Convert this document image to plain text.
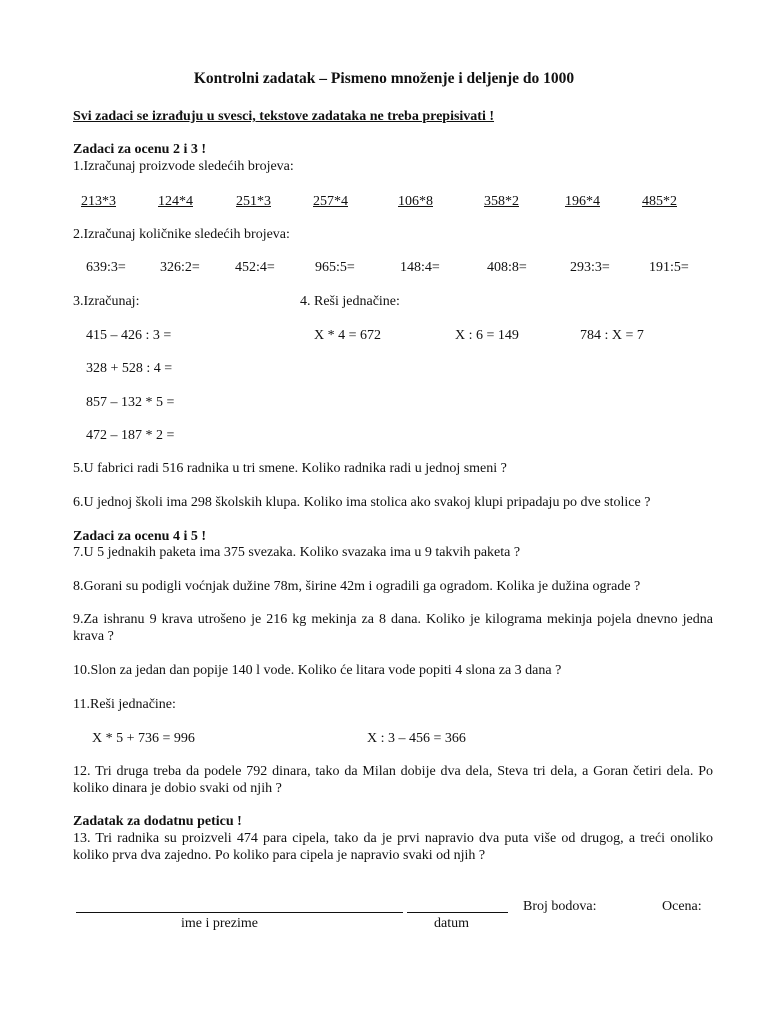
Kontrolni zadatak – Pismeno množenje i deljenje do 1000
Svi zadaci se izrađuju u svesci, tekstove zadataka ne treba prepisivati !
Zadaci za ocenu 2 i 3 !
1.Izračunaj proizvode sledećih brojeva:
213*3	124*4	251*3	257*4	106*8	358*2	196*4	485*2
2.Izračunaj količnike sledećih brojeva:
639:3= 326:2=	452:4=	965:5=	148:4=	408:8=	293:3=	191:5=
3.Izračunaj:	4. Reši jednačine:
415 – 426 : 3 =	X * 4 = 672	X : 6 = 149	784 : X = 7
328 + 528 : 4 =
857 – 132 * 5 =
472 – 187 * 2 =
5.U fabrici radi 516 radnika u tri smene. Koliko radnika radi u jednoj smeni ?
6.U jednoj školi ima 298 školskih klupa. Koliko ima stolica ako svakoj klupi pripadaju po dve stolice ?
Zadaci za ocenu 4 i 5 !
7.U 5 jednakih paketa ima 375 svezaka. Koliko svazaka ima u 9 takvih paketa ?
8.Gorani su podigli voćnjak dužine 78m, širine 42m i ogradili ga ogradom. Kolika je dužina ograde ?
9.Za ishranu 9 krava utrošeno je 216 kg mekinja za 8 dana. Koliko je kilograma mekinja pojela dnevno jedna krava ?
10.Slon za jedan dan popije 140 l vode. Koliko će litara vode popiti 4 slona za 3 dana ?
11.Reši jednačine:
X * 5 + 736 = 996	X : 3 – 456 = 366
12. Tri druga treba da podele 792 dinara, tako da Milan dobije dva dela, Steva tri dela, a Goran četiri dela. Po koliko dinara je dobio svaki od njih ?
Zadatak za dodatnu peticu !
13. Tri radnika su proizveli 474 para cipela, tako da je prvi napravio dva puta više od drugog, a treći onoliko koliko prva dva zajedno. Po koliko para cipela je napravio svaki od njih ?
Broj bodova:	Ocena:
ime i prezime	datum
